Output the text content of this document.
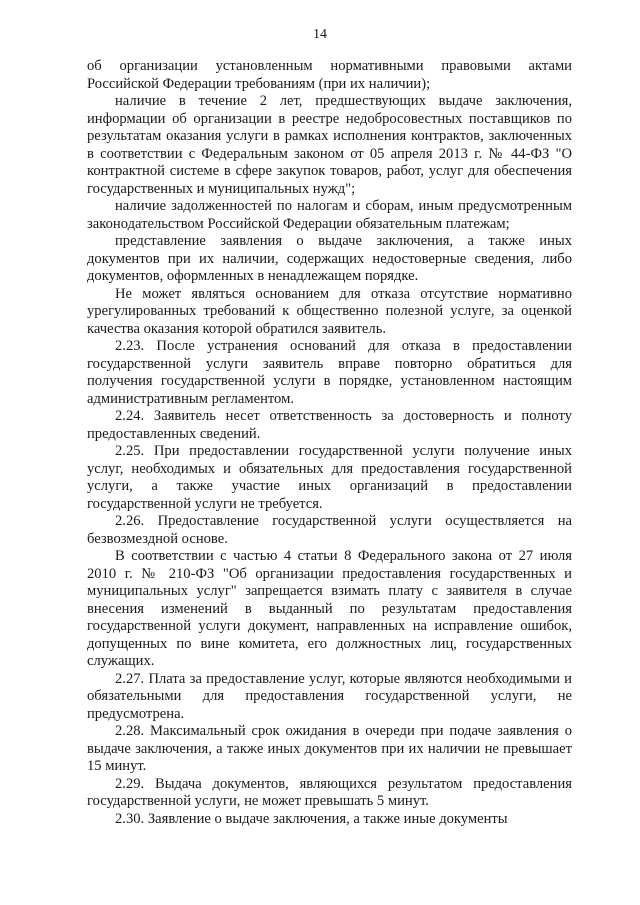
14

об организации установленным нормативными правовыми актами Российской Федерации требованиям (при их наличии);

наличие в течение 2 лет, предшествующих выдаче заключения, информации об организации в реестре недобросовестных поставщиков по результатам оказания услуги в рамках исполнения контрактов, заключенных в соответствии с Федеральным законом от 05 апреля 2013 г. № 44-ФЗ "О контрактной системе в сфере закупок товаров, работ, услуг для обеспечения государственных и муниципальных нужд";

наличие задолженностей по налогам и сборам, иным предусмотренным законодательством Российской Федерации обязательным платежам;

представление заявления о выдаче заключения, а также иных документов при их наличии, содержащих недостоверные сведения, либо документов, оформленных в ненадлежащем порядке.

Не может являться основанием для отказа отсутствие нормативно урегулированных требований к общественно полезной услуге, за оценкой качества оказания которой обратился заявитель.

2.23. После устранения оснований для отказа в предоставлении государственной услуги заявитель вправе повторно обратиться для получения государственной услуги в порядке, установленном настоящим административным регламентом.

2.24. Заявитель несет ответственность за достоверность и полноту предоставленных сведений.

2.25. При предоставлении государственной услуги получение иных услуг, необходимых и обязательных для предоставления государственной услуги, а также участие иных организаций в предоставлении государственной услуги не требуется.

2.26. Предоставление государственной услуги осуществляется на безвозмездной основе.

В соответствии с частью 4 статьи 8 Федерального закона от 27 июля 2010 г. № 210-ФЗ "Об организации предоставления государственных и муниципальных услуг" запрещается взимать плату с заявителя в случае внесения изменений в выданный по результатам предоставления государственной услуги документ, направленных на исправление ошибок, допущенных по вине комитета, его должностных лиц, государственных служащих.

2.27. Плата за предоставление услуг, которые являются необходимыми и обязательными для предоставления государственной услуги, не предусмотрена.

2.28. Максимальный срок ожидания в очереди при подаче заявления о выдаче заключения, а также иных документов при их наличии не превышает 15 минут.

2.29. Выдача документов, являющихся результатом предоставления государственной услуги, не может превышать 5 минут.

2.30. Заявление о выдаче заключения, а также иные документы
